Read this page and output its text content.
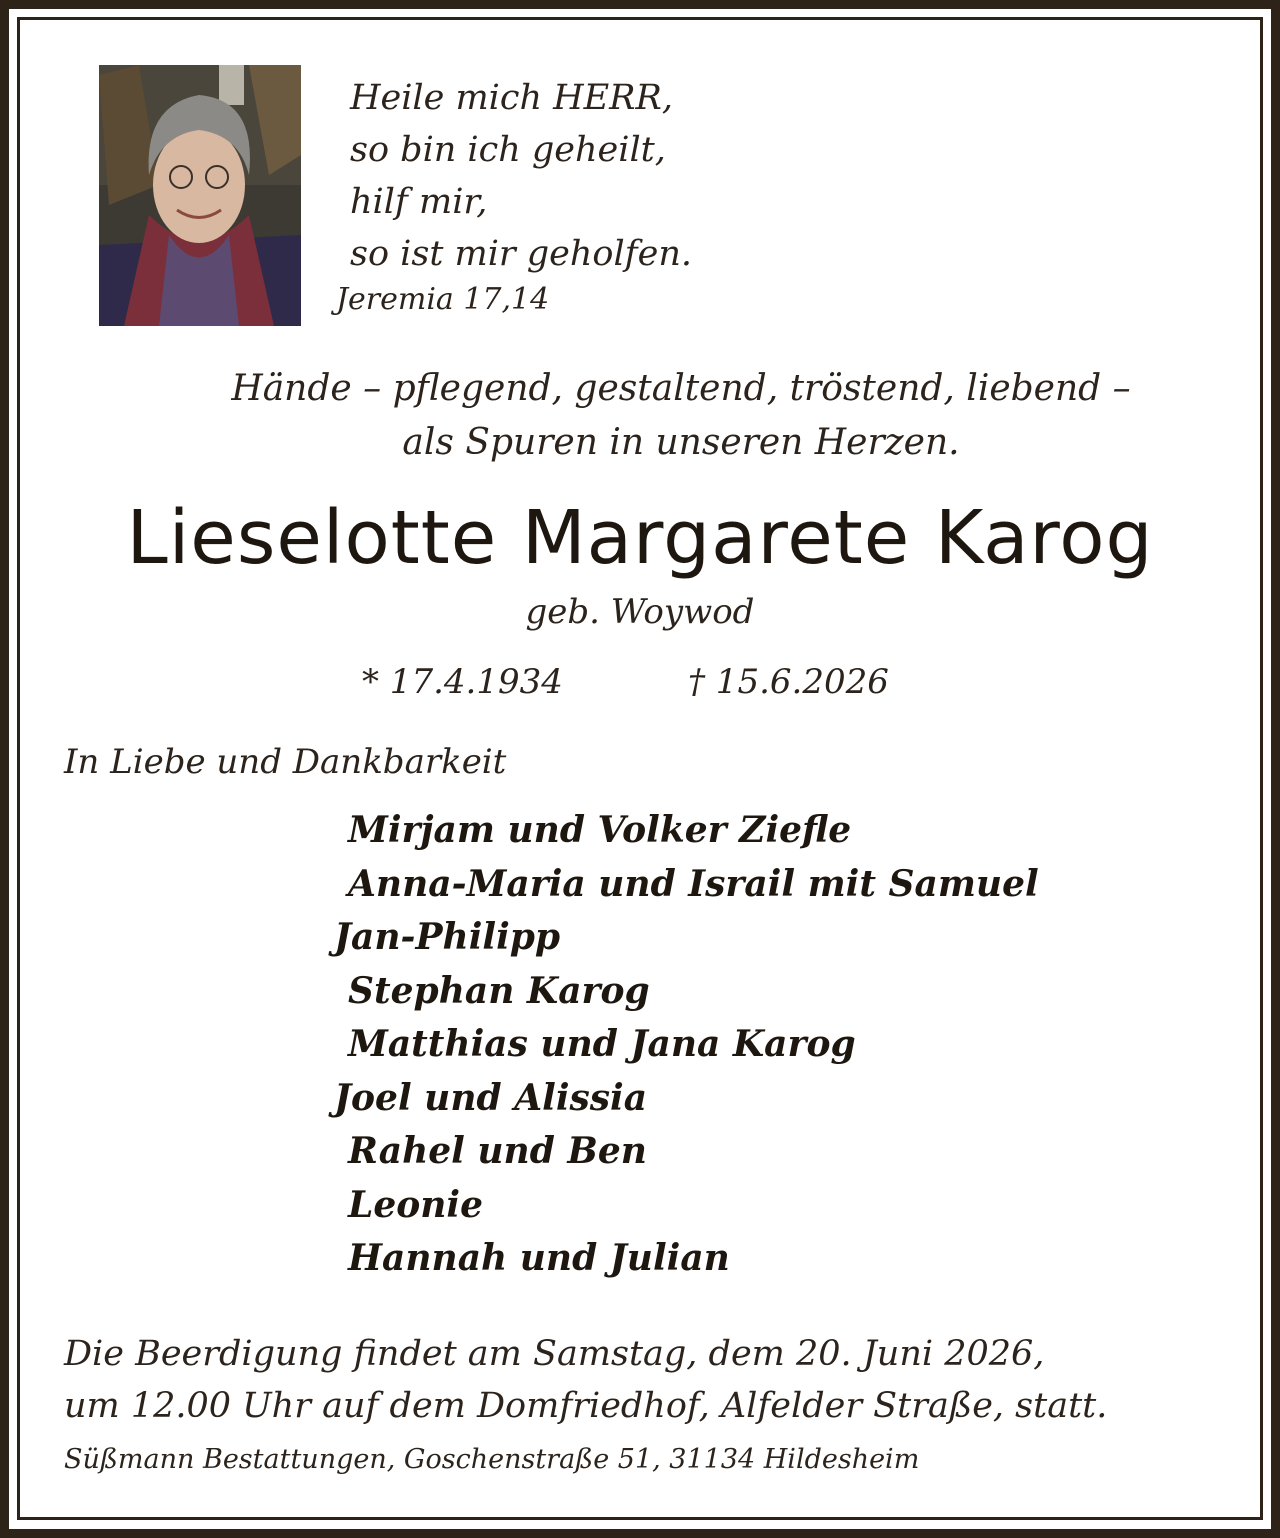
Heile mich HERR,
so bin ich geheilt,
hilf mir,
so ist mir geholfen.
Jeremia 17,14
Hände – pflegend, gestaltend, tröstend, liebend –
als Spuren in unseren Herzen.
Lieselotte Margarete Karog
geb. Woywod
* 17.4.1934	† 15.6.2026
In Liebe und Dankbarkeit
Mirjam und Volker Ziefle
Anna-Maria und Israil mit Samuel
Jan-Philipp
Stephan Karog
Matthias und Jana Karog
Joel und Alissia
Rahel und Ben
Leonie
Hannah und Julian
Die Beerdigung findet am Samstag, dem 20. Juni 2026,
um 12.00 Uhr auf dem Domfriedhof, Alfelder Straße, statt.
Süßmann Bestattungen, Goschenstraße 51, 31134 Hildesheim
